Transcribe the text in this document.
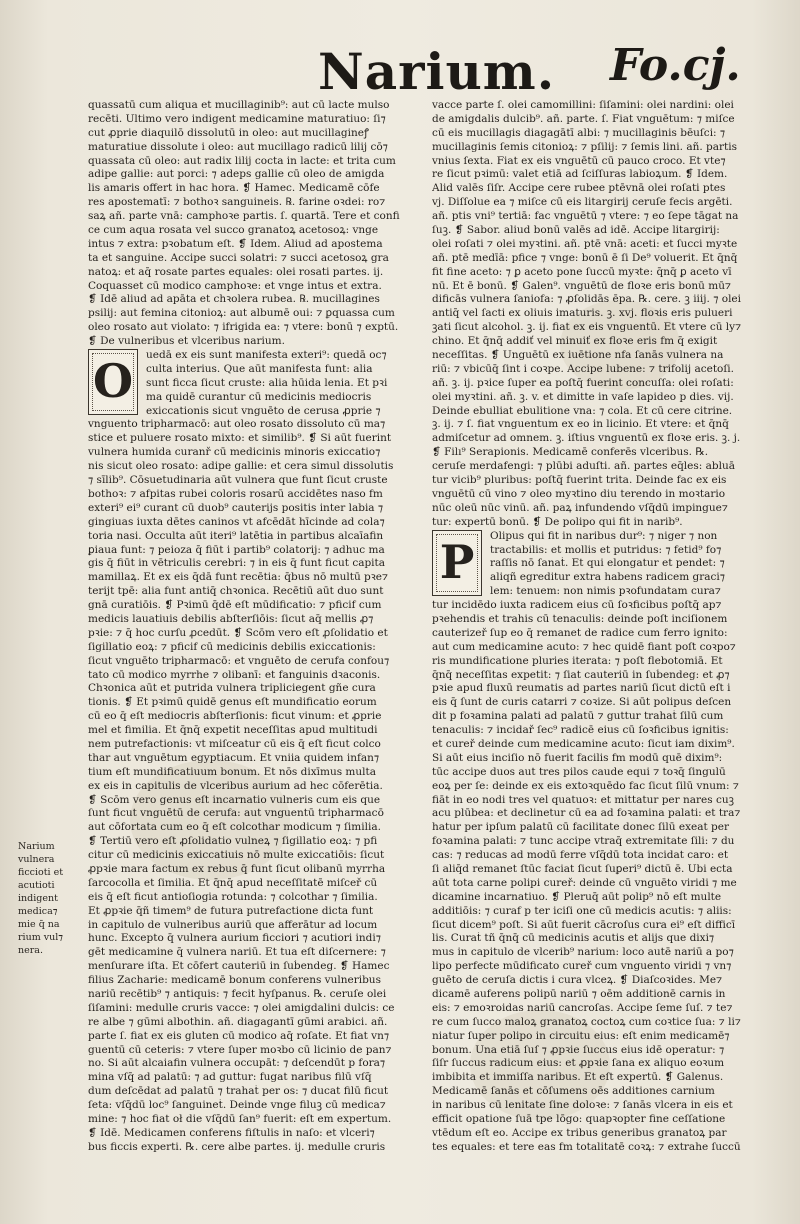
Narium. Fo.cj.
quassatū cum aliqua et mucillaginib⁹: aut cū lacte mulso
recēti. Ultimo vero indigent medicamine maturatiuo: ſi⁊
cut ꝓprie diaquilō dissolutū in oleo: aut mucillagineꝭ
maturatiue dissolute i oleo: aut mucillago radicū lilij cō⁊
quassata cū oleo: aut radix lilij cocta in lacte: et trita cum
adipe gallie: aut porci: ⁊ adeps gallie cū oleo de amigda
lis amaris offert in hac hora. ❡ Hamec. Medicamē cōfe
res apostematī: ⁊ bothoꝛ sanguineis. ℞. farine oꝛdei: ro⁊
saꝝ añ. parte vnā: camphoꝛe partis. ſ. quartā. Tere et confi
ce cum aqua rosata vel succo granatoꝝ acetosoꝝ: vnge
intus ⁊ extra: pꝛobatum eſt. ❡ Idem. Aliud ad apostema
ta et sanguine. Accipe succi solatri: ⁊ succi acetosoꝝ gra
natoꝝ: et aq̄ rosate partes equales: olei rosati partes. ij.
Coquasset cū modico camphoꝛe: et vnge intus et extra.
❡ Idē aliud ad apāta et chꝛolera rubea. ℞. mucillagines
psilij: aut femina citonioꝝ: aut albumē oui: ⁊ ꝑquassa cum
oleo rosato aut violato: ⁊ ifrigida ea: ⁊ vtere: bonū ⁊ exptū.
❡ De vulneribus et vlceribus narium.
O	uedā ex eis sunt manifesta exteri⁹: quedā oc⁊
culta interius. Que aūt manifesta funt: alia
sunt ficca ſicut cruste: alia hūida lenia. Et pꝛi
ma quidē curantur cū medicinis mediocris
exiccationis sicut vnguēto de cerusa ꝓprie ⁊
vnguento tripharmacō: aut oleo rosato dissoluto cū ma⁊
stice et puluere rosato mixto: et similib⁹. ❡ Si aūt fuerint
vulnera humida curanř cū medicinis minoris exiccatio⁊
nis sicut oleo rosato: adipe gallie: et cera simul dissolutis
⁊ sīlib⁹. Cōsuetudinaria aūt vulnera que funt ſicut cruste
bothoꝛ: ⁊ afpitas rubei coloris rosarū accidētes naso fm
exteri⁹ ei⁹ curant cū duob⁹ cauterijs positis inter labia ⁊
gingiuas iuxta dētes caninos vt afcēdāt hīcinde ad cola⁊
toria nasi. Occulta aūt iteri⁹ latētia in partibus alcaīafin
ꝑiaua funt: ⁊ peioza q̄ fiūt i partib⁹ colatorij: ⁊ adhuc ma
gis q̄ fiūt in vētriculis cerebri: ⁊ in eis q̄ funt ficut capita
mamillaꝝ. Et ex eis q̄dā funt recētia: q̄bus nō multū pꝛe⁊
terijt tpē: alia funt antiq̄ chꝛonica. Recētiū aūt duo sunt
gnā curatiōis. ❡ Pꝛimū q̄dē eſt mūdificatio: ⁊ pficif cum
medicis lauatiuis debilis abſterſiōis: ſicut aq̄ mellis ꝓ⁊
pꝛie: ⁊ q̄ hoc curſu ꝓcedūt. ❡ Scōm vero eſt ꝓſolidatio et
ſigillatio eoꝝ: ⁊ pficif cū medicinis debilis exiccationis:
ſicut vnguēto tripharmacō: et vnguēto de cerufa confou⁊
tato cū modico myrrhe ⁊ olibanī: et fanguinis dꝛaconis.
Chꝛonica aūt et putrida vulnera tripliciegent gñe cura
tionis. ❡ Et pꝛimū quidē genus eſt mundificatio eorum
cū eo q̄ eſt mediocris abſterſionis: ficut vinum: et ꝓprie
mel et fimilia. Et q̄nq̄ expetit neceſſitas apud multitudi
nem putrefactionis: vt miſceatur cū eis q̄ eſt ficut colco
thar aut vnguētum egyptiacum. Et vniia quidem infan⁊
tium eſt mundificatiuum bonum. Et nōs dixīmus multa
ex eis in capitulis de vlceribus aurium ad hec cōferētia.
❡ Scōm vero genus eſt incarnatio vulneris cum eis que
ſunt ficut vnguētū de cerufa: aut vnguentū tripharmacō
aut cōfortata cum eo q̄ eſt colcothar modicum ⁊ ſimilia.
❡ Tertiū vero eſt ꝓſolidatio vulneꝝ ⁊ ſigillatio eoꝝ: ⁊ pfi
citur cū medicinis exiccatiuis nō multe exiccatiōis: ſicut
ꝓpꝛie mara factum ex rebus q̄ funt ſicut olibanū myrrha
ſarcocolla et ſimilia. Et q̄nq̄ apud neceſſitatē miſceř cū
eis q̄ eſt ficut antioſiogia rotunda: ⁊ colcothar ⁊ ſimilia.
Et ꝓpꝛie q̄ñ timem⁹ de futura putrefactione dicta funt
in capitulo de vulneribus auriū que afferātur ad locum
hunc. Excepto q̄ vulnera aurium ficciori ⁊ acutiori indi⁊
gēt medicamine q̄ vulnera nariū. Et tua eſt diſcernere: ⁊
menſurare iſta. Et cōfert cauteriū in ſuḃendeg. ❡ Hamec
filius Zacharie: medicamē bonum conferens vulneribus
nariū recētib⁹ ⁊ antiquis: ⁊ fecit hyſpanus. ℞. ceruſe olei
ſiſamini: medulle cruris vacce: ⁊ olei amigdalini dulcis: ce
re albe ⁊ gūmi albothin. añ. diagagantī gūmi arabici. añ.
parte ſ. fiat ex eis gluten cū modico aq̄ roſate. Et fiat vn⁊
guentū cū ceteris: ⁊ vtere ſuper moꝛbo cū licinio de pan⁊
no. Si aūt alcaiafin vulnera occupāt: ⁊ deſcendūt p fora⁊
mina vſq̄ ad palatū: ⁊ ad guttur: fugat naribus filū vſq̄
dum deſcēdat ad palatū ⁊ trahaṫ per os: ⁊ ducat filū ficut
ſeta: vſq̄dū loc⁹ ſanguineṫ. Deinde vnge filuꝫ cū medica⁊
mine: ⁊ hoc fiat oł die vſq̄dū ſan⁹ fuerit: eſt em expertum.
❡ Idē. Medicamen conferens fiſtulis in naſo: et vlceri⁊
bus ficcis experti. ℞. cere albe partes. ij. medulle cruris
vacce parte ſ. olei camomillini: ſiſamini: olei nardini: olei
de amigdalis dulcib⁹. añ. parte. ſ. Fiat vnguētum: ⁊ miſce
cū eis mucillagis diagagātī albi: ⁊ mucillaginis bēuſci: ⁊
mucillaginis ſemis citonioꝝ: ⁊ pſilij: ⁊ ſemis lini. añ. partis
vnius ſexta. Fiat ex eis vnguētū cū pauco croco. Et vte⁊
re ſicut pꝛimū: valet etiā ad ſciſſuras labioꝝum. ❡ Idem.
Alid valēs ſiſr. Accipe cere rubee ptēvnā olei roſati ptes
vj. Diſſolue ea ⁊ miſce cū eis litargirij ceruſe fecis argēti.
añ. ptis vni⁹ tertiā: fac vnguētū ⁊ vtere: ⁊ eo ſepe tāgat na
ſuꝫ. ❡ Sabor. aliud bonū valēs ad idē. Accipe litargirij:
olei roſati ⁊ olei myꝛtini. añ. ptē vnā: aceti: et ſucci myꝛte
añ. ptē medīā: pfice ⁊ vnge: bonū ē ſi De⁹ voluerit. Et q̄nq̄
fit fine aceto: ⁊ ꝑ aceto pone ſuccū myꝛte: q̄nq̄ ꝑ aceto vī
nū. Et ē bonū. ❡ Galen⁹. vnguētū de floꝛe eris bonū mū⁊
dificās vulnera ſaniofa: ⁊ ꝓſolidās ēpa. ℞. cere. ꝫ iiij. ⁊ olei
antiq̄ vel ſacti ex oliuis imaturis. ꝫ. xvj. floꝛis eris pulueri
ꝫati ſicut alcohol. ꝫ. ij. fiat ex eis vnguentū. Et vtere cū ly⁊
chino. Et q̄nq̄ addiť vel minuiť ex floꝛe eris fm q̄ exigit
neceſſitas. ❡ Unguētū ex iuētione nfa ſanās vulnera na
riū: ⁊ vbicūq̄ ſint i coꝛpe. Accipe lubene: ⁊ trifolij acetoſi.
añ. ꝫ. ij. pꝛice ſuper ea poſtq̄ fuerint concuſſa: olei roſati:
olei myꝛtini. añ. ꝫ. v. et dimitte in vaſe lapideo p dies. vij.
Deinde ebulliat ebulitione vna: ⁊ cola. Et cū cere citrine.
ꝫ. ij. ⁊ ſ. fiat vnguentum ex eo in licinio. Et vtere: et q̄nq̄
admiſcetur ad omnem. ꝫ. iſtius vnguentū ex floꝛe eris. ꝫ. j.
❡ Filı⁹ Serapionis. Medicamē conferēs vlceribus. ℞.
ceruſe merdafengi: ⁊ plūbi aduſti. añ. partes eq̄les: abluā
tur vicib⁹ pluribus: poſtq̄ fuerint trita. Deinde fac ex eis
vnguētū cū vino ⁊ oleo myꝛtino diu terendo in moꝛtario
nūc oleū nūc vinū. añ. paꝝ infundendo vſq̄dū impingue⁊
tur: expertū bonū. ❡ De polipo qui fit in narib⁹.
P	Olipus qui fit in naribus dur⁹: ⁊ niger ⁊ non
tractabilis: et mollis et putridus: ⁊ fetid⁹ fo⁊
raſſis nō ſanaṫ. Et qui elongatur et pendet: ⁊
aliqñ egreditur extra habens radicem graci⁊
lem: tenuem: non nimis pꝛofundatam cura⁊
tur incidēdo iuxta radicem eius cū ſoꝛficibus poſtq̄ ap⁊
pꝛehendis et trahis cū tenaculis: deinde poſt inciſionem
cauterizeř ſup eo q̄ remanet de radice cum ferro ignito:
aut cum medicamine acuto: ⁊ hec quidē fiant poſt coꝛpo⁊
ris mundificatione pluries iterata: ⁊ poſt flebotomiā. Et
q̄nq̄ neceſſitas expetit: ⁊ ſiat cauteriū in ſuḃendeg: et ꝓ⁊
pꝛie apud fluxū reumatis ad partes nariū ſicut dictū eſt i
eis q̄ ſunt de curis catarri ⁊ coꝛize. Si aūt polipus deſcen
dit p foꝛamina palati ad palatū ⁊ guttur trahaṫ ſilū cum
tenaculis: ⁊ incidař ſec⁹ radicē eius cū ſoꝛficibus ignitis:
et cureř deinde cum medicamine acuto: ſicut iam dixim⁹.
Si aūt eius inciſio nō fuerit facilis fm modū quē dixim⁹:
tūc accipe duos aut tres pilos caude equi ⁊ toꝛq̄ ſingulū
eoꝝ per ſe: deinde ex eis extoꝛquēdo fac ſicut ſilū vnum: ⁊
fiāt in eo nodi tres vel quatuoꝛ: et mittatur per nares cuꝫ
acu plūbea: et declinetur cū ea ad foꝛamina palati: et tra⁊
hatur per ipſum palatū cū facilitate donec ſilū exeat per
foꝛamina palati: ⁊ tunc accipe vtraq̄ extremitate ſili: ⁊ du
cas: ⁊ reducas ad modū ferre vſq̄dū tota incidat caro: et
ſi aliq̄d remanet ſtūc faciat ſicut ſuꝑeri⁹ dictū ē. Ubi ecta
aūt tota carne polipi cureř: deinde cū vnguēto viridi ⁊ me
dicamine incarnatiuo. ❡ Pleruq̄ aūt polip⁹ nō eſt multe
additiōis: ⁊ curaf p ter iciſi one cū medicis acutis: ⁊ aliis:
ſicut dicem⁹ poſt. Si aūt fuerit cācroſus cura ei⁹ eſt difficī
lis. Curaṫ tñ q̄nq̄ cū medicinis acutis et alijs que dixi⁊
mus in capitulo de vlcerib⁹ narium: loco autē nariū a po⁊
lipo perfecte mūdificato cureř cum vnguento viridi ⁊ vn⁊
guēto de ceruſa dictis i cura vlceꝝ. ❡ Diaſcoꝛides. Me⁊
dicamē auferens polipū nariū ⁊ oēm additionē carnis in
eis: ⁊ emoꝛroidas nariū cancroſas. Accipe ſeme ſuſ. ⁊ te⁊
re cum ſucco maloꝝ granatoꝝ coctoꝝ cum coꝛtice ſua: ⁊ li⁊
niatur ſuper polipo in circuitu eius: eſt enim medicamē⁊
bonum. Una etiā ſuſ ⁊ ꝓpꝛie ſuccus eius idē operatur: ⁊
ſiſr ſuccus radicum eius: et ꝓpꝛie ſana ex aliquo eoꝛum
imbibita et immiſſa naribus. Et eſt expertū. ❡ Galenus.
Medicamē ſanās et cōſumens oēs additiones carnium
in naribus cū lenitate ſine doloꝛe: ⁊ ſanās vlcera in eis et
efficit opatione ſuā tpe lōgo: quapꝛopter fine ceſſatione
vtēdum eſt eo. Accipe ex tribus generibus granatoꝝ par
tes equales: et tere eas fm totalitatē coꝛꝝ: ⁊ extrahe ſuccū
Narium
vulnera
ficcioti et
acutioti
indigent
medica⁊
mie q̄ na
rium vul⁊
nera.
